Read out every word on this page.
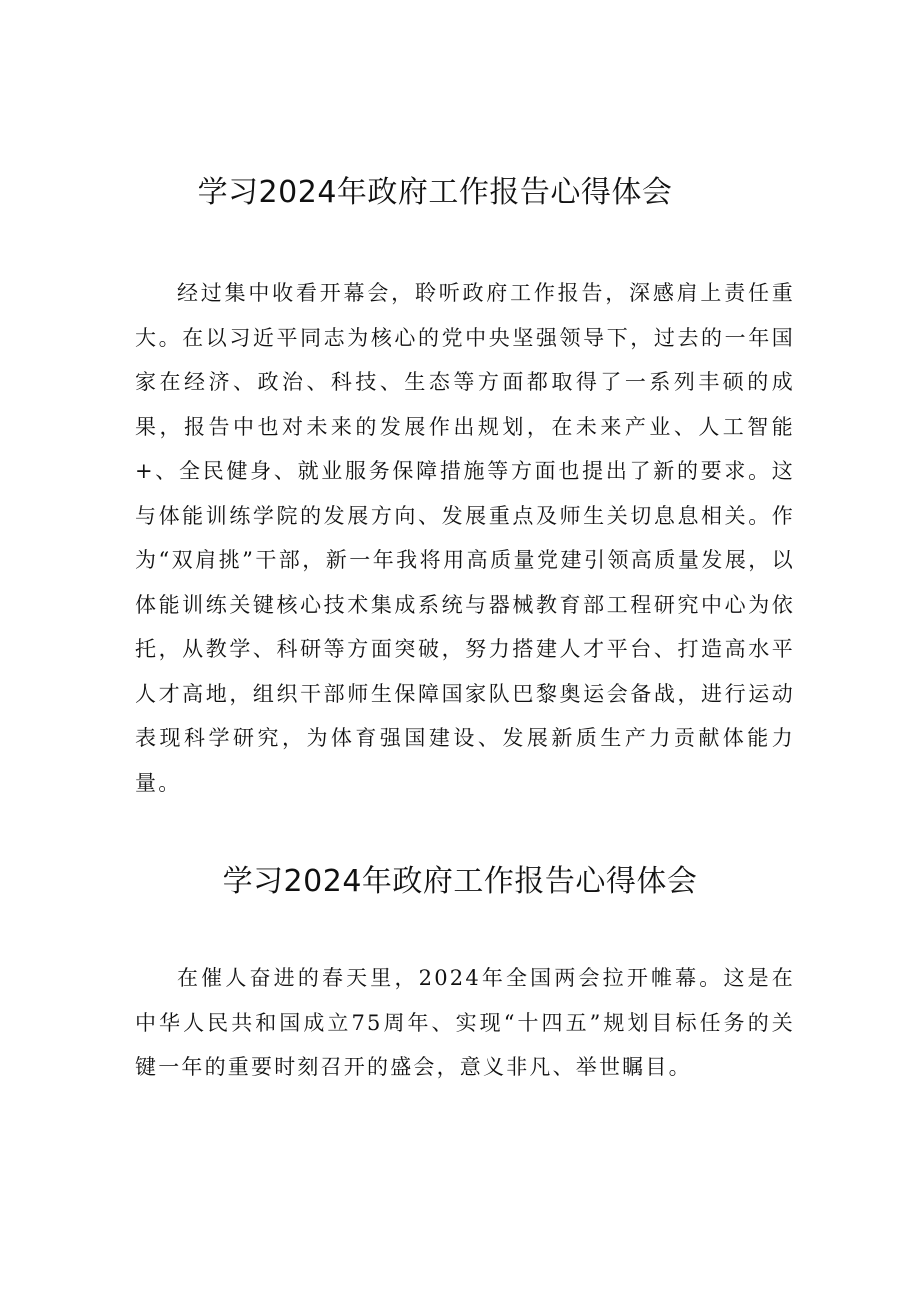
学习2024年政府工作报告心得体会

经过集中收看开幕会，聆听政府工作报告，深感肩上责任重大。在以习近平同志为核心的党中央坚强领导下，过去的一年国家在经济、政治、科技、生态等方面都取得了一系列丰硕的成果，报告中也对未来的发展作出规划，在未来产业、人工智能+、全民健身、就业服务保障措施等方面也提出了新的要求。这与体能训练学院的发展方向、发展重点及师生关切息息相关。作为“双肩挑”干部，新一年我将用高质量党建引领高质量发展，以体能训练关键核心技术集成系统与器械教育部工程研究中心为依托，从教学、科研等方面突破，努力搭建人才平台、打造高水平人才高地，组织干部师生保障国家队巴黎奥运会备战，进行运动表现科学研究，为体育强国建设、发展新质生产力贡献体能力量。

学习2024年政府工作报告心得体会

在催人奋进的春天里，2024年全国两会拉开帷幕。这是在中华人民共和国成立75周年、实现“十四五”规划目标任务的关键一年的重要时刻召开的盛会，意义非凡、举世瞩目。
